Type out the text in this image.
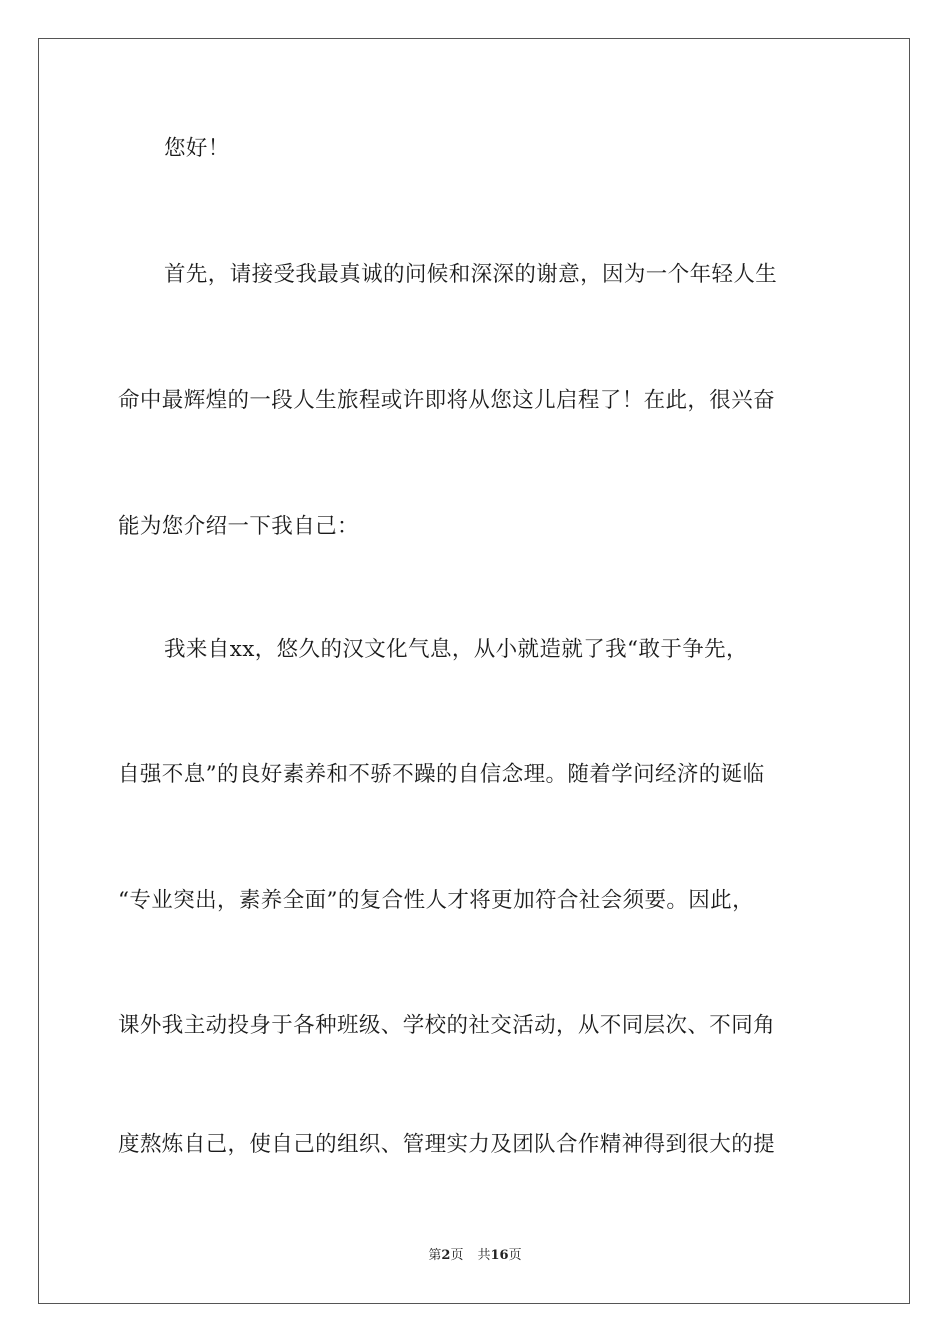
您好！
首先，请接受我最真诚的问候和深深的谢意，因为一个年轻人生
命中最辉煌的一段人生旅程或许即将从您这儿启程了！在此，很兴奋
能为您介绍一下我自己：
我来自xx，悠久的汉文化气息，从小就造就了我“敢于争先，
自强不息”的良好素养和不骄不躁的自信念理。随着学问经济的诞临
“专业突出，素养全面”的复合性人才将更加符合社会须要。因此，
课外我主动投身于各种班级、学校的社交活动，从不同层次、不同角
度熬炼自己，使自己的组织、管理实力及团队合作精神得到很大的提
第2页 共16页
